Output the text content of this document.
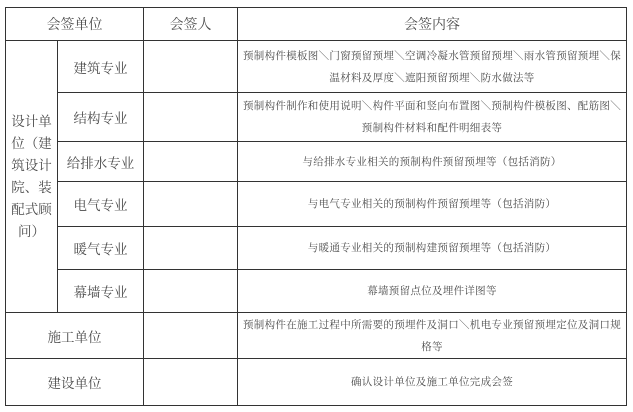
会签单位		会签人	会签内容
设计单位（建筑设计院、装配式顾问）	建筑专业		预制构件模板图＼门窗预留预埋＼空调冷凝水管预留预埋＼雨水管预留预埋＼保温材料及厚度＼遮阳预留预埋＼防水做法等
	结构专业		预制构件制作和使用说明＼构件平面和竖向布置图＼预制构件模板图、配筋图＼预制构件材料和配件明细表等
	给排水专业		与给排水专业相关的预制构件预留预埋等（包括消防）
	电气专业		与电气专业相关的预制构件预留预埋等（包括消防）
	暖气专业		与暖通专业相关的预制构建预留预埋等（包括消防）
	幕墙专业		幕墙预留点位及埋件详图等
施工单位			预制构件在施工过程中所需要的预埋件及洞口＼机电专业预留预埋定位及洞口规格等
建设单位			确认设计单位及施工单位完成会签
